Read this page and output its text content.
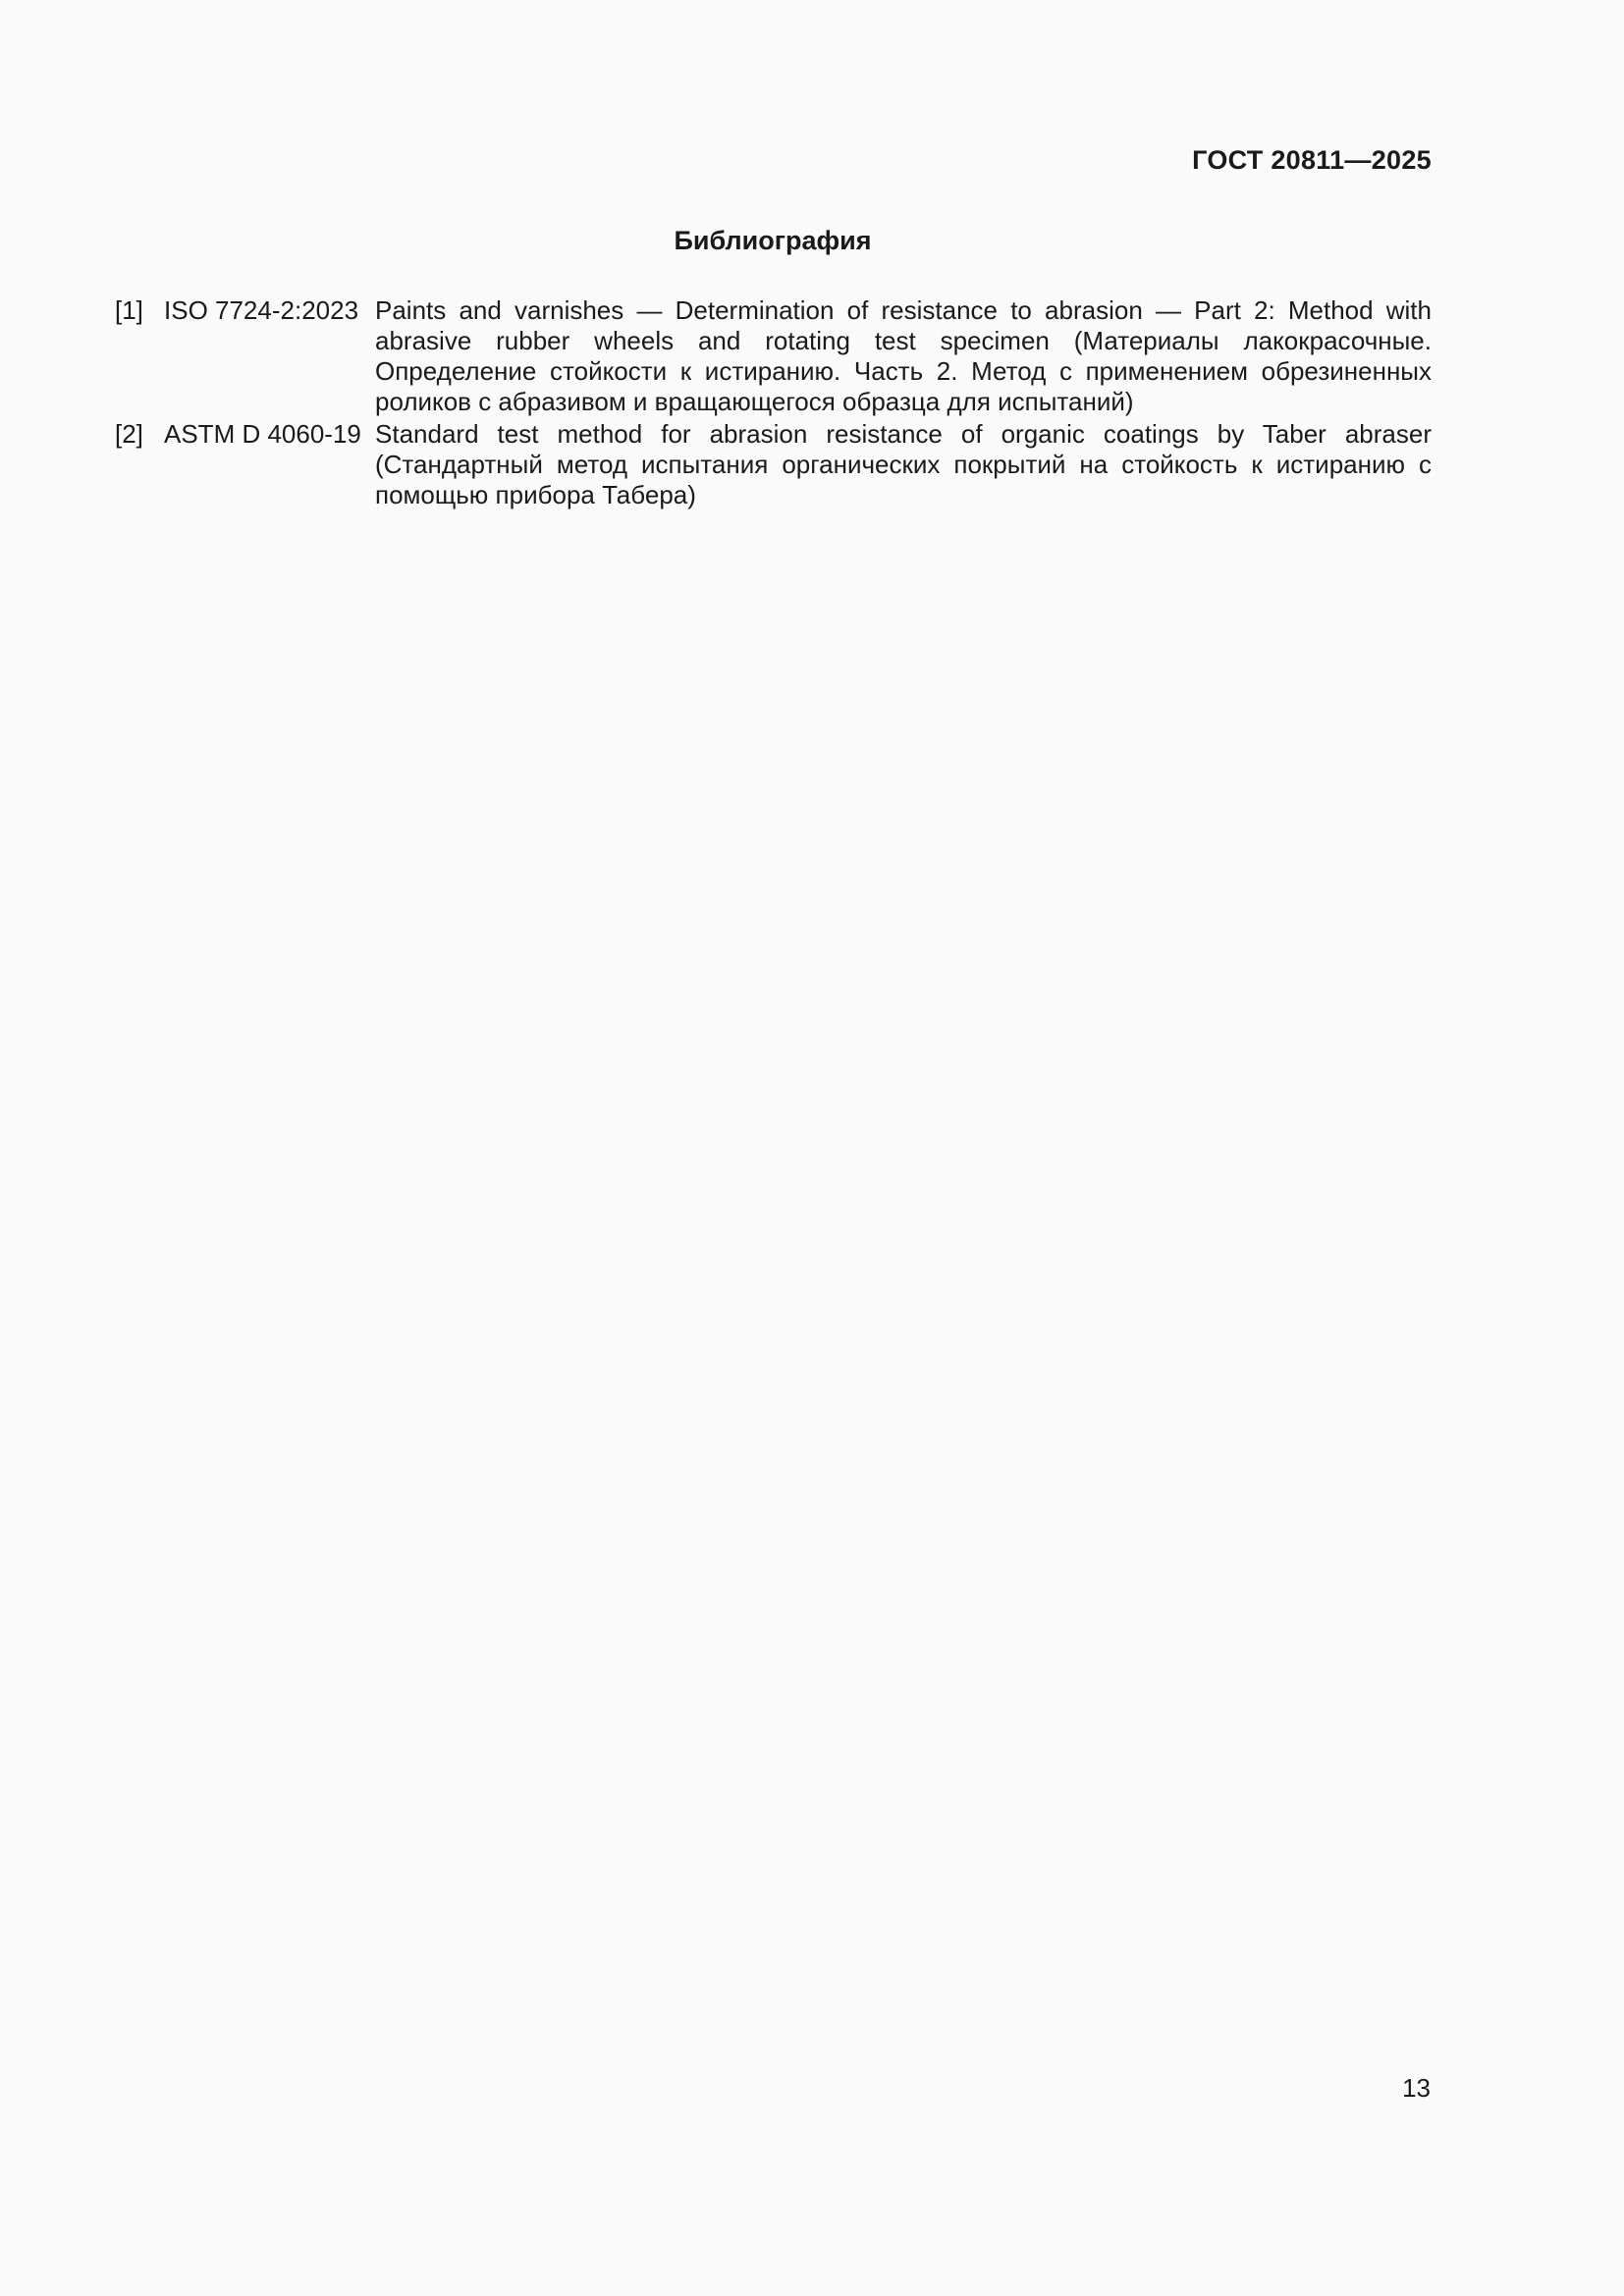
ГОСТ 20811—2025

Библиография
[1] ISO 7724-2:2023 Paints and varnishes — Determination of resistance to abrasion — Part 2: Method with abrasive rubber wheels and rotating test specimen (Материалы лакокрасочные. Определение стойкости к истиранию. Часть 2. Метод с применением обрезиненных роликов с абразивом и вращающегося образца для испытаний)
[2] ASTM D 4060-19 Standard test method for abrasion resistance of organic coatings by Taber abraser (Стандартный метод испытания органических покрытий на стойкость к истиранию с помощью прибора Табера)

13
